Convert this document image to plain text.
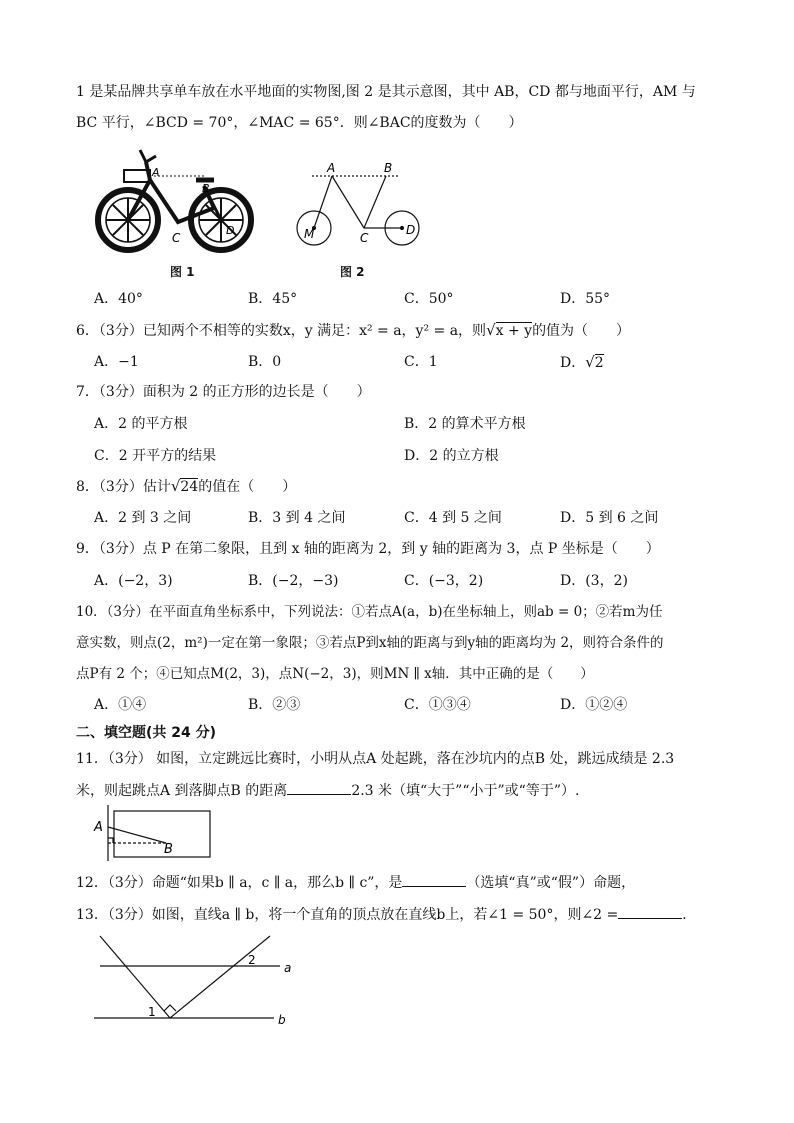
1 是某品牌共享单车放在水平地面的实物图,图 2 是其示意图，其中 AB，CD 都与地面平行，AM 与
BC 平行，∠BCD = 70°，∠MAC = 65°．则∠BAC的度数为（　　）
A
B
C
D
图 1
A	B
C
D
M
图 2
A．40°	B．45°	C．50°	D．55°
6．（3分）已知两个不相等的实数x，y 满足：x² = a，y² = a，则√x + y的值为（　　）
A．−1	B．0	C．1	D．√2
7．（3分）面积为 2 的正方形的边长是（　　）
A．2 的平方根	B．2 的算术平方根
C．2 开平方的结果	D．2 的立方根
8．（3分）估计√24的值在（　　）
A．2 到 3 之间	B．3 到 4 之间	C．4 到 5 之间	D．5 到 6 之间
9．（3分）点 P 在第二象限，且到 x 轴的距离为 2，到 y 轴的距离为 3，点 P 坐标是（　　）
A．(−2，3)	B．(−2，−3)	C．(−3，2)	D．(3，2)
10．（3分）在平面直角坐标系中，下列说法：①若点A(a，b)在坐标轴上，则ab = 0；②若m为任
意实数，则点(2，m²)一定在第一象限；③若点P到x轴的距离与到y轴的距离均为 2，则符合条件的
点P有 2 个；④已知点M(2，3)，点N(−2，3)，则MN ∥ x轴．其中正确的是（　　）
A．①④	B．②③	C．①③④	D．①②④
二、填空题(共 24 分)
11．（3分） 如图，立定跳远比赛时，小明从点A 处起跳，落在沙坑内的点B 处，跳远成绩是 2.3
米，则起跳点A 到落脚点B 的距离	2.3 米（填“大于”“小于”或“等于”）.
A
B
12．（3分）命题“如果b ∥ a，c ∥ a，那么b ∥ c”，是	（选填“真”或“假”）命题，
13．（3分）如图，直线a ∥ b，将一个直角的顶点放在直线b上，若∠1 = 50°，则∠2 =	．
1
2
a
b
